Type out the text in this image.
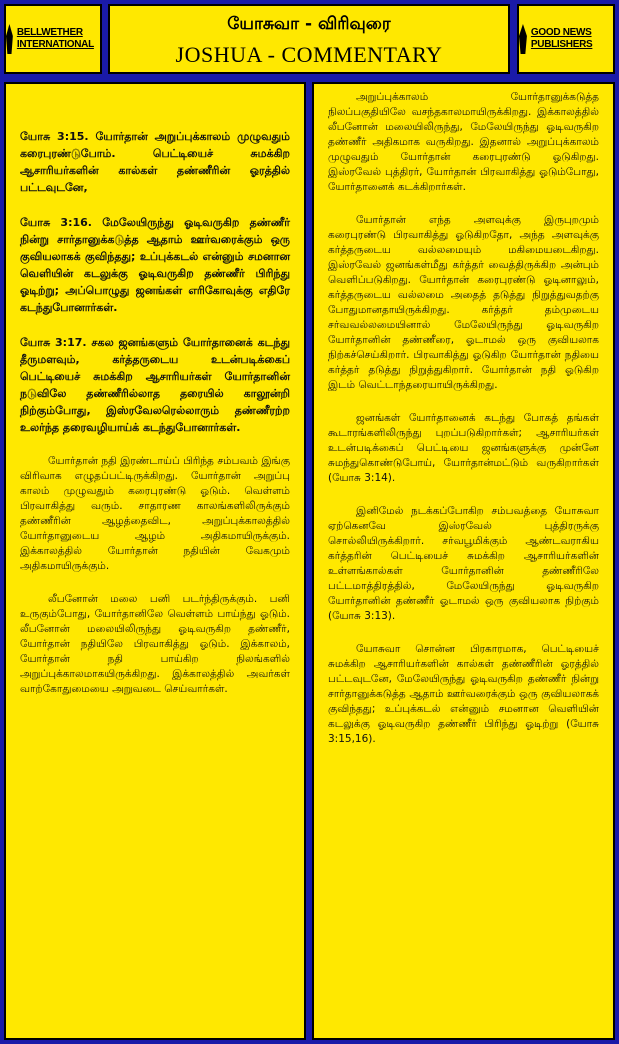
BELLWETHER INTERNATIONAL
யோசுவா - விரிவுரை
JOSHUA - COMMENTARY
GOOD NEWS PUBLISHERS

யோசு 3:15. யோர்தான் அறுப்புக்காலம் முழுவதும் கரைபுரண்டுபோம். பெட்டியைச் சுமக்கிற ஆசாரியர்களின் கால்கள் தண்ணீரின் ஓரத்தில் பட்டவுடனே,

யோசு 3:16. மேலேயிருந்து ஓடிவருகிற தண்ணீர் நின்று சார்தானுக்கடுத்த ஆதாம் ஊர்வரைக்கும் ஒரு குவியலாகக் குவிந்தது; உப்புக்கடல் என்னும் சமனான வெளியின் கடலுக்கு ஓடிவருகிற தண்ணீர் பிரிந்து ஓடிற்று; அப்பொழுது ஜனங்கள் எரிகோவுக்கு எதிரே கடந்துபோனார்கள்.

யோசு 3:17. சகல ஜனங்களும் யோர்தானைக் கடந்து தீருமளவும், கர்த்தருடைய உடன்படிக்கைப் பெட்டியைச் சுமக்கிற ஆசாரியர்கள் யோர்தானின் நடுவிலே தண்ணீரில்லாத தரையில் காலூன்றி நிற்கும்போது, இஸ்ரவேலரெல்லாரும் தண்ணீரற்ற உலர்ந்த தரைவழியாய்க் கடந்துபோனார்கள்.

யோர்தான் நதி இரண்டாய்ப் பிரிந்த சம்பவம் இங்கு விரிவாக எழுதப்பட்டிருக்கிறது. யோர்தான் அறுப்பு காலம் முழுவதும் கரைபுரண்டு ஓடும். வெள்ளம் பிரவாகித்து வரும். சாதாரண காலங்களிலிருக்கும் தண்ணீரின் ஆழத்தைவிட, அறுப்புக்காலத்தில் யோர்தானுடைய ஆழம் அதிகமாயிருக்கும். இக்காலத்தில் யோர்தான் நதியின் வேகமும் அதிகமாயிருக்கும்.

லீபனோன் மலை பனி படர்ந்திருக்கும். பனி உருகும்போது, யோர்தானிலே வெள்ளம் பாய்ந்து ஓடும். லீபனோன் மலையிலிருந்து ஓடிவருகிற தண்ணீர், யோர்தான் நதியிலே பிரவாகித்து ஓடும். இக்காலம், யோர்தான் நதி பாய்கிற நிலங்களில் அறுப்புக்காலமாகயிருக்கிறது. இக்காலத்தில் அவர்கள் வாற்கோதுமையை அறுவடை செய்வார்கள்.

அறுப்புக்காலம் யோர்தானுக்கடுத்த நிலப்பகுதியிலே வசந்தகாலமாயிருக்கிறது. இக்காலத்தில் லீபனோன் மலையிலிருந்து, மேலேயிருந்து ஓடிவருகிற தண்ணீர் அதிகமாக வருகிறது. இதனால் அறுப்புக்காலம் முழுவதும் யோர்தான் கரைபுரண்டு ஓடுகிறது. இஸ்ரவேல் புத்திரர், யோர்தான் பிரவாகித்து ஓடும்போது, யோர்தானைக் கடக்கிறார்கள்.

யோர்தான் எந்த அளவுக்கு இருபுறமும் கரைபுரண்டு பிரவாகித்து ஓடுகிறதோ, அந்த அளவுக்கு கர்த்தருடைய வல்லமையும் மகிமையடைகிறது. இஸ்ரவேல் ஜனங்கள்மீது கர்த்தர் வைத்திருக்கிற அன்பும் வெளிப்படுகிறது. யோர்தான் கரைபுரண்டு ஓடினாலும், கர்த்தருடைய வல்லமை அதைத் தடுத்து நிறுத்துவதற்கு போதுமானதாயிருக்கிறது. கர்த்தர் தம்முடைய சர்வவல்லமையினால் மேலேயிருந்து ஓடிவருகிற யோர்தானின் தண்ணீரை, ஓடாமல் ஒரு குவியலாக நிற்கச்செய்கிறார். பிரவாகித்து ஓடுகிற யோர்தான் நதியை கர்த்தர் தடுத்து நிறுத்துகிறார். யோர்தான் நதி ஓடுகிற இடம் வெட்டாந்தரையாயிருக்கிறது.

ஜனங்கள் யோர்தானைக் கடந்து போகத் தங்கள் கூடாரங்களிலிருந்து புறப்படுகிறார்கள்; ஆசாரியர்கள் உடன்படிக்கைப் பெட்டியை ஜனங்களுக்கு முன்னே சுமந்துகொண்டுபோய், யோர்தான்மட்டும் வருகிறார்கள் (யோசு 3:14).

இனிமேல் நடக்கப்போகிற சம்பவத்தை யோசுவா ஏற்கெனவே இஸ்ரவேல் புத்திரருக்கு சொல்லியிருக்கிறார். சர்வபூமிக்கும் ஆண்டவராகிய கர்த்தரின் பெட்டியைச் சுமக்கிற ஆசாரியர்களின் உள்ளங்கால்கள் யோர்தானின் தண்ணீரிலே பட்டமாத்திரத்தில், மேலேயிருந்து ஓடிவருகிற யோர்தானின் தண்ணீர் ஓடாமல் ஒரு குவியலாக நிற்கும் (யோசு 3:13).

யோசுவா சொன்ன பிரகாரமாக, பெட்டியைச் சுமக்கிற ஆசாரியர்களின் கால்கள் தண்ணீரின் ஓரத்தில் பட்டவுடனே, மேலேயிருந்து ஓடிவருகிற தண்ணீர் நின்று சார்தானுக்கடுத்த ஆதாம் ஊர்வரைக்கும் ஒரு குவியலாகக் குவிந்தது; உப்புக்கடல் என்னும் சமனான வெளியின் கடலுக்கு ஓடிவருகிற தண்ணீர் பிரிந்து ஓடிற்று (யோசு 3:15,16).
